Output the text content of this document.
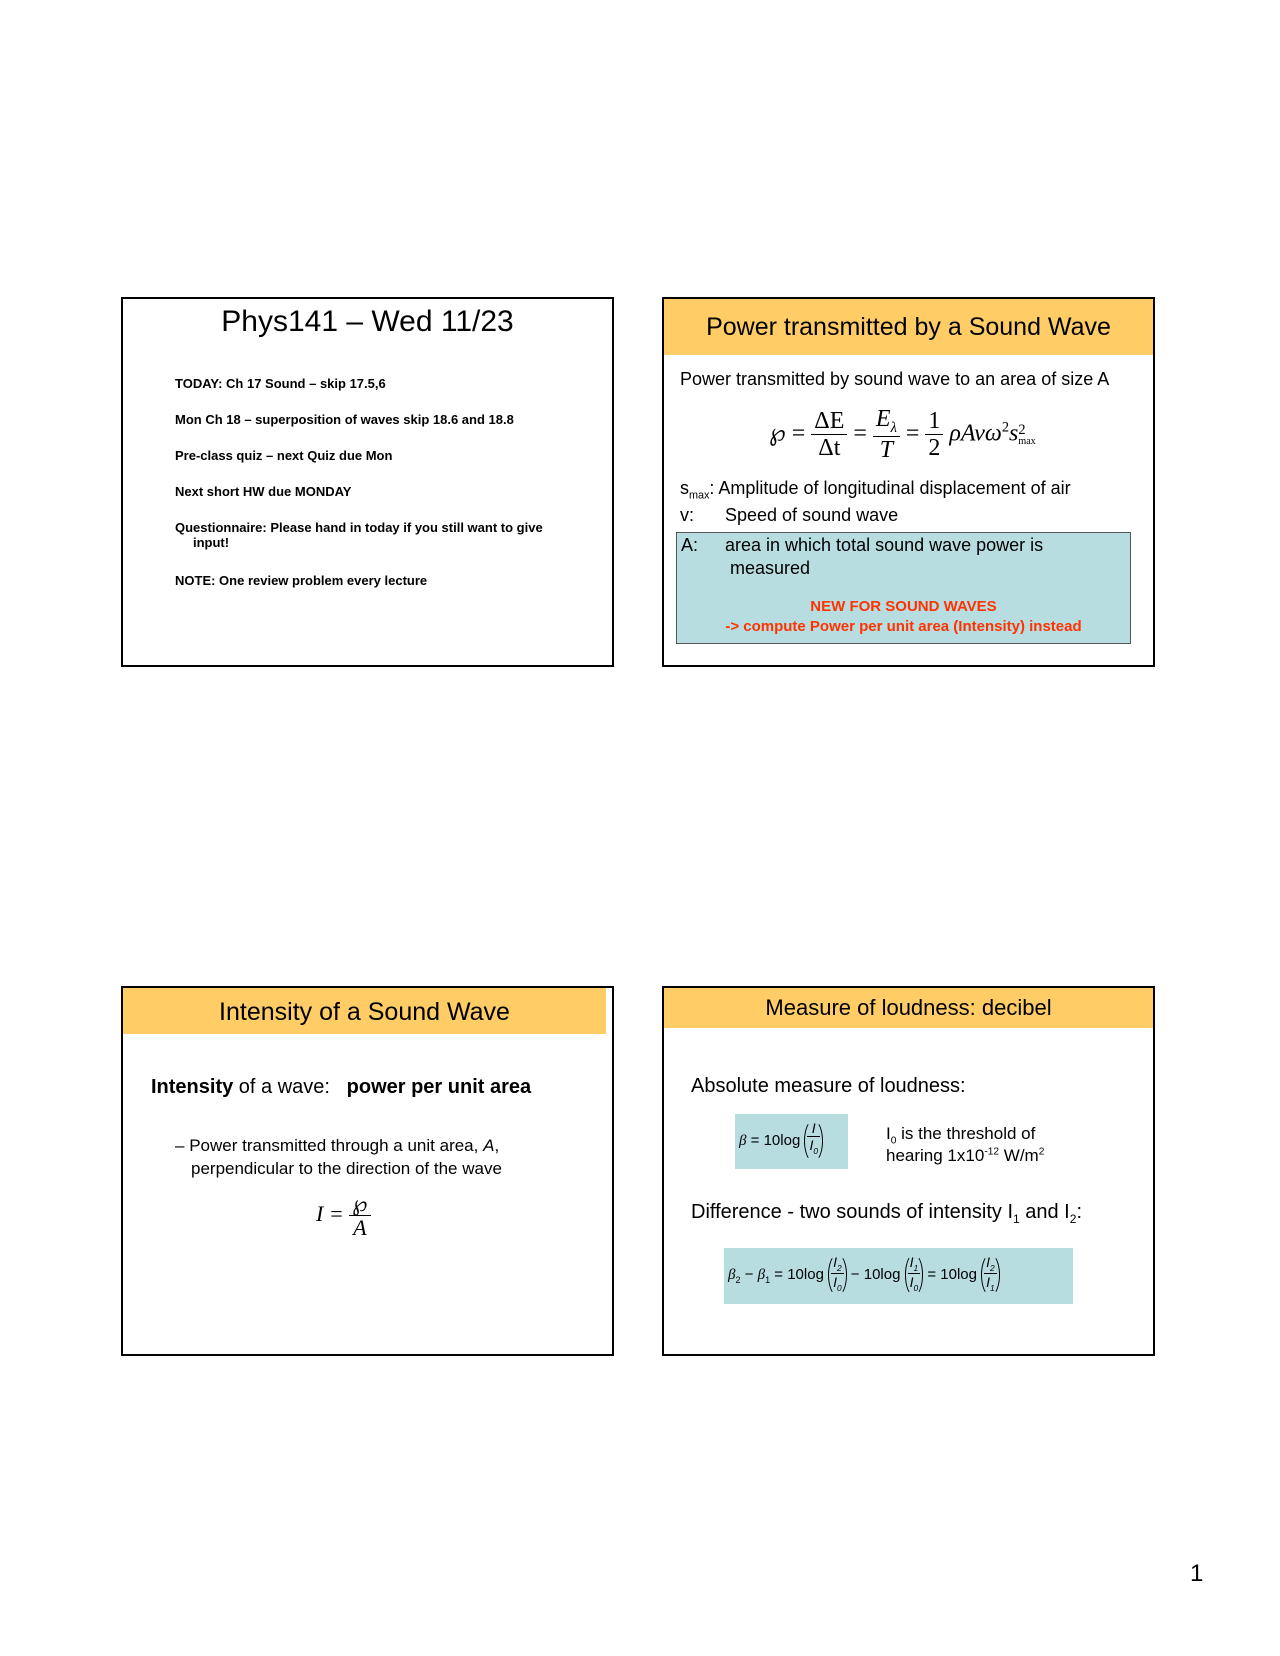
Phys141 – Wed 11/23
TODAY: Ch 17 Sound – skip 17.5,6
Mon Ch 18 – superposition of waves skip 18.6 and 18.8
Pre-class quiz – next Quiz due Mon
Next short HW due MONDAY
Questionnaire: Please hand in today if you still want to give
input!
NOTE: One review problem every lecture
Power transmitted by a Sound Wave
Power transmitted by sound wave to an area of size A
℘ = $\frac{\Delta E}{\Delta t} = \frac{E_\lambda}{T} = \frac{1}{2} \rho Av\omega^2s$ 2
max
$s_{max}$: Amplitude of longitudinal displacement of air
v: Speed of sound wave
A: area in which total sound wave power is
measured
NEW FOR SOUND WAVES
-> compute Power per unit area (Intensity) instead
Intensity of a Sound Wave
Intensity of a wave:   power per unit area
– Power transmitted through a unit area, A,
perpendicular to the direction of the wave
$I = \frac{℘}{A}$
Measure of loudness: decibel
Absolute measure of loudness:
$\beta = 10\log \frac{I}{I_0}$	$I_0$ is the threshold of
hearing $1x10^{-12}$ $W/m^2$
Difference - two sounds of intensity $I_1$ and $I_2$:
$\beta_2 - \beta_1 = 10\log \frac{I_2}{I_0} - 10\log \frac{I_1}{I_0} = 10\log \frac{I_2}{I_1}$
1
